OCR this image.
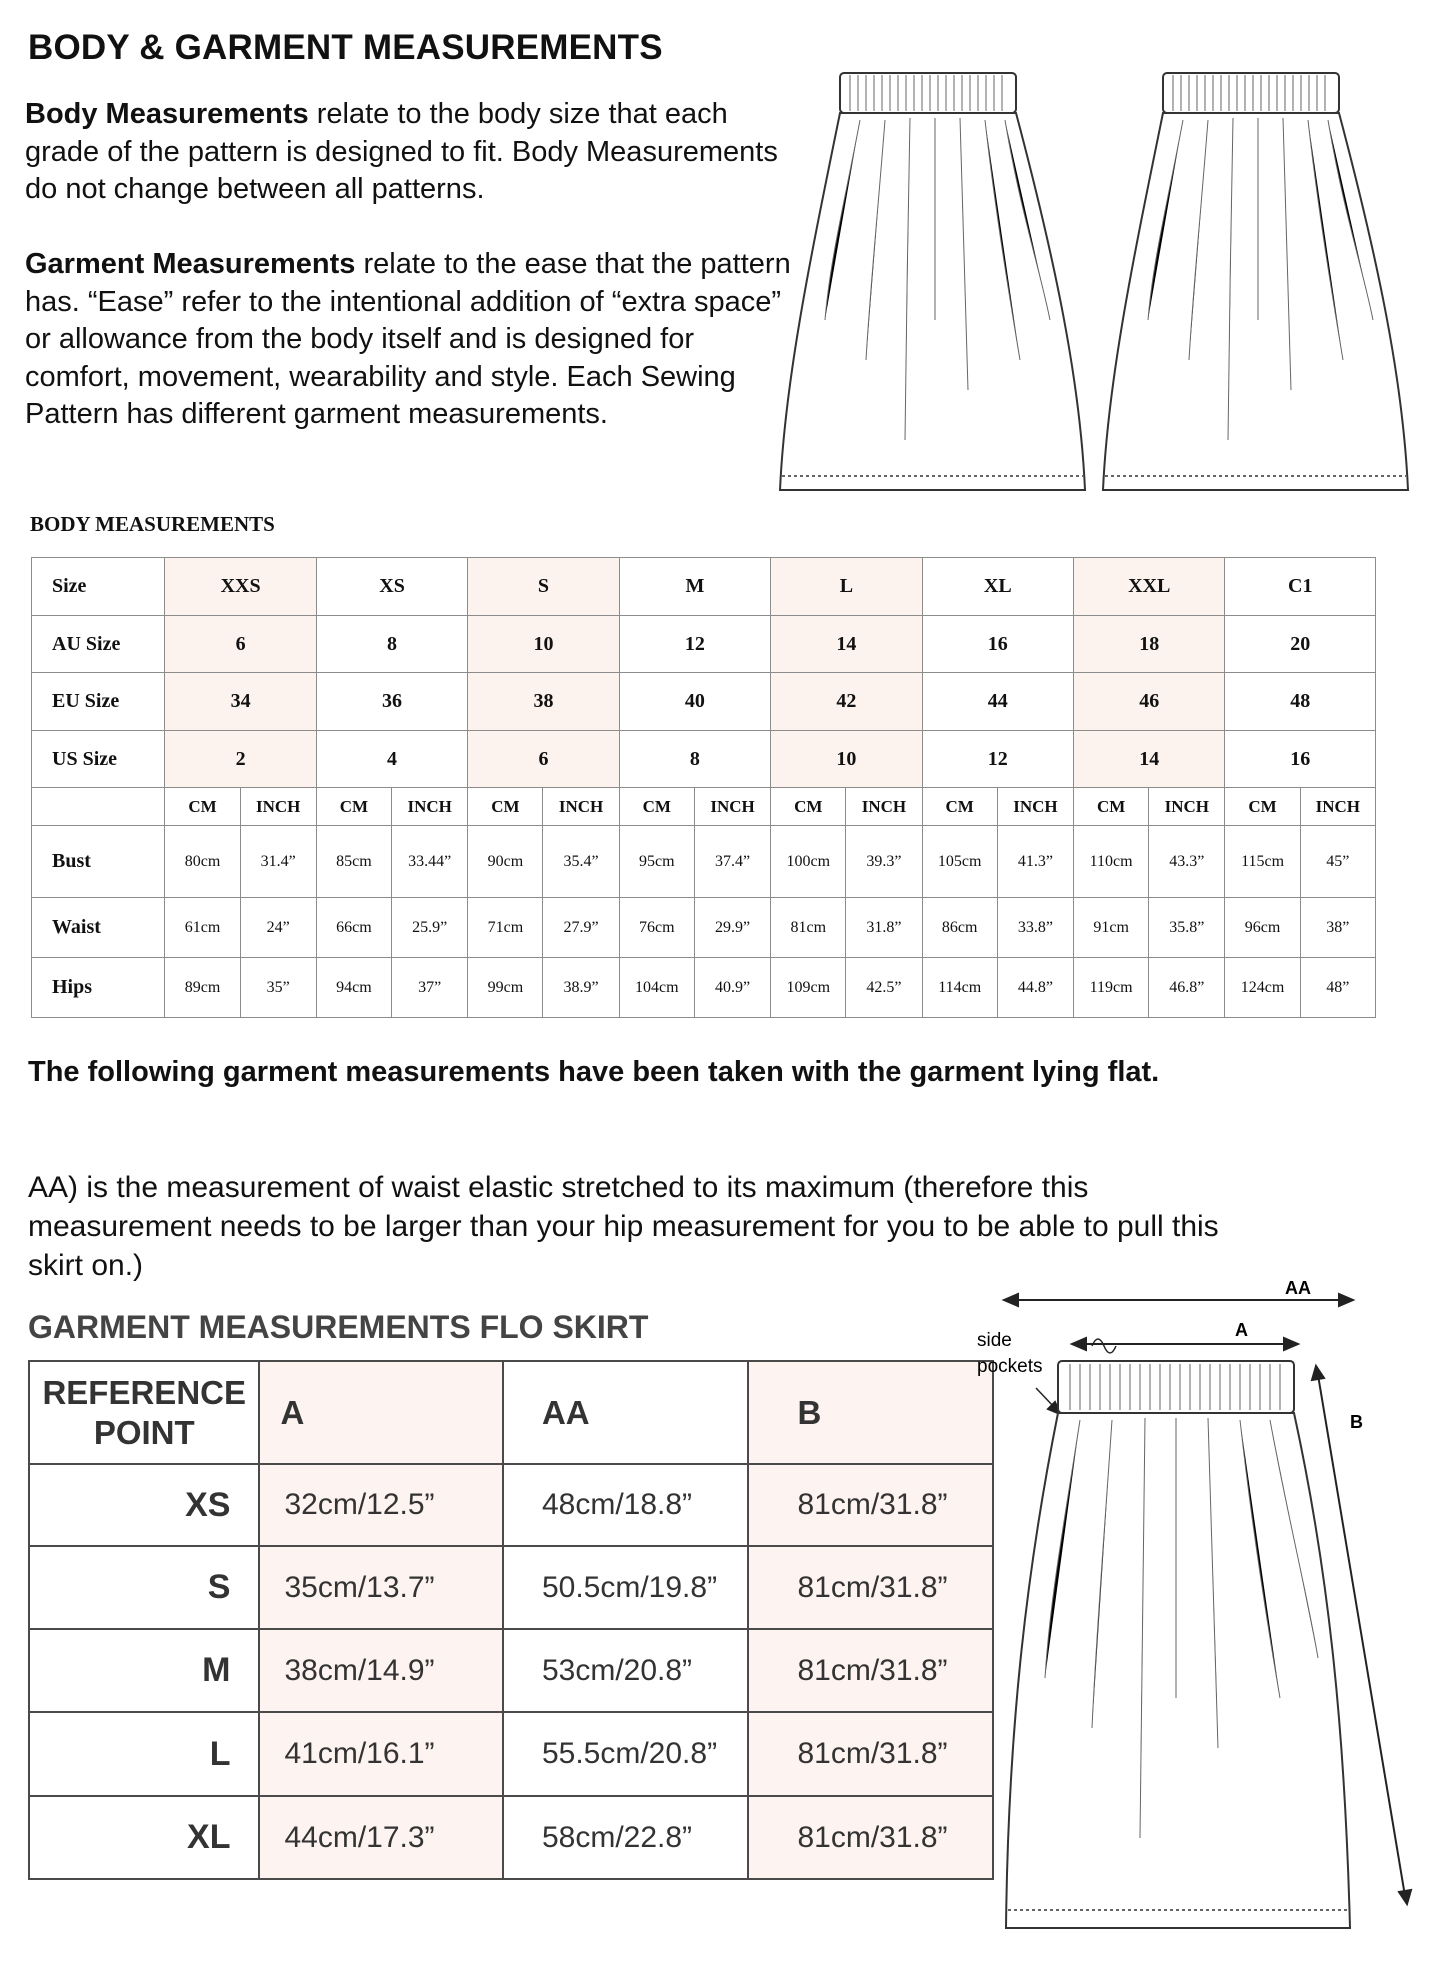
BODY & GARMENT MEASUREMENTS
Body Measurements relate to the body size that each grade of the pattern is designed to fit. Body Measurements do not change between all patterns.
Garment Measurements relate to the ease that the pattern has. “Ease” refer to the intentional addition of “extra space” or allowance from the body itself and is designed for comfort, movement, wearability and style. Each Sewing Pattern has different garment measurements.
BODY MEASUREMENTS
Size	XXS		XS		S		M		L		XL		XXL		C1	
AU Size	6		8		10		12		14		16		18		20	
EU Size	34		36		38		40		42		44		46		48	
US Size	2		4		6		8		10		12		14		16	
	CM	INCH	CM	INCH	CM	INCH	CM	INCH	CM	INCH	CM	INCH	CM	INCH	CM	INCH
Bust	80cm	31.4”	85cm	33.44”	90cm	35.4”	95cm	37.4”	100cm	39.3”	105cm	41.3”	110cm	43.3”	115cm	45”
Waist	61cm	24”	66cm	25.9”	71cm	27.9”	76cm	29.9”	81cm	31.8”	86cm	33.8”	91cm	35.8”	96cm	38”
Hips	89cm	35”	94cm	37”	99cm	38.9”	104cm	40.9”	109cm	42.5”	114cm	44.8”	119cm	46.8”	124cm	48”
The following garment measurements have been taken with the garment lying flat.
AA) is the measurement of waist elastic stretched to its maximum (therefore this measurement needs to be larger than your hip measurement for you to be able to pull this skirt on.)
GARMENT MEASUREMENTS FLO SKIRT
REFERENCE
POINT	A	AA	B
XS	32cm/12.5”	48cm/18.8”	81cm/31.8”
S	35cm/13.7”	50.5cm/19.8”	81cm/31.8”
M	38cm/14.9”	53cm/20.8”	81cm/31.8”
L	41cm/16.1”	55.5cm/20.8”	81cm/31.8”
XL	44cm/17.3”	58cm/22.8”	81cm/31.8”
AA
A
B
side
pockets
